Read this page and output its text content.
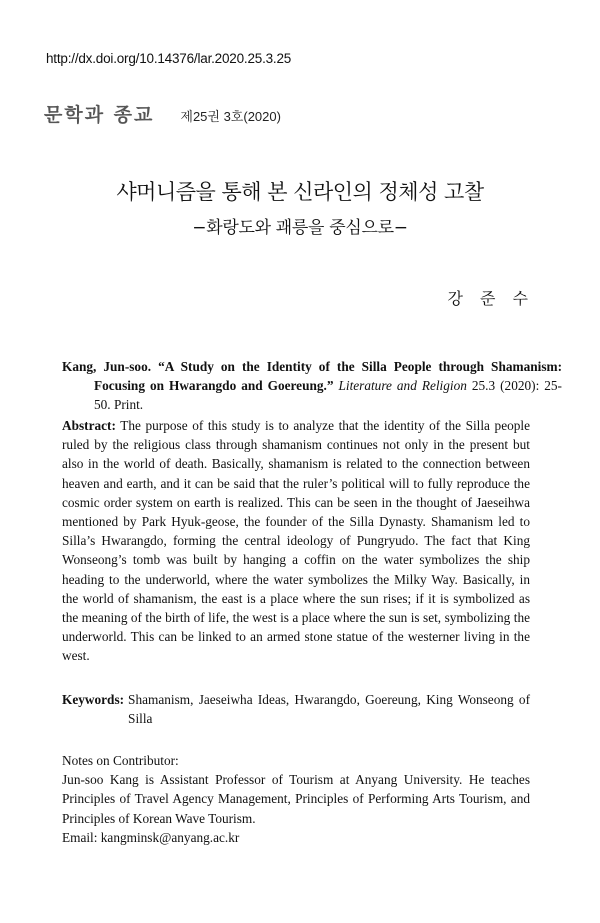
http://dx.doi.org/10.14376/lar.2020.25.3.25
문학과 종교 제25권 3호(2020)
샤머니즘을 통해 본 신라인의 정체성 고찰
−화랑도와 괘릉을 중심으로−
강 준 수
Kang, Jun-soo. “A Study on the Identity of the Silla People through Shamanism: Focusing on Hwarangdo and Goereung.” Literature and Religion 25.3 (2020): 25-50. Print.
Abstract: The purpose of this study is to analyze that the identity of the Silla people ruled by the religious class through shamanism continues not only in the present but also in the world of death. Basically, shamanism is related to the connection between heaven and earth, and it can be said that the ruler’s political will to fully reproduce the cosmic order system on earth is realized. This can be seen in the thought of Jaeseihwa mentioned by Park Hyuk-geose, the founder of the Silla Dynasty. Shamanism led to Silla’s Hwarangdo, forming the central ideology of Pungryudo. The fact that King Wonseong’s tomb was built by hanging a coffin on the water symbolizes the ship heading to the underworld, where the water symbolizes the Milky Way. Basically, in the world of shamanism, the east is a place where the sun rises; if it is symbolized as the meaning of the birth of life, the west is a place where the sun is set, symbolizing the underworld. This can be linked to an armed stone statue of the westerner living in the west.
Keywords: Shamanism, Jaeseiwha Ideas, Hwarangdo, Goereung, King Wonseong of Silla

Notes on Contributor:

Jun-soo Kang is Assistant Professor of Tourism at Anyang University. He teaches Principles of Travel Agency Management, Principles of Performing Arts Tourism, and Principles of Korean Wave Tourism.

Email: kangminsk@anyang.ac.kr
